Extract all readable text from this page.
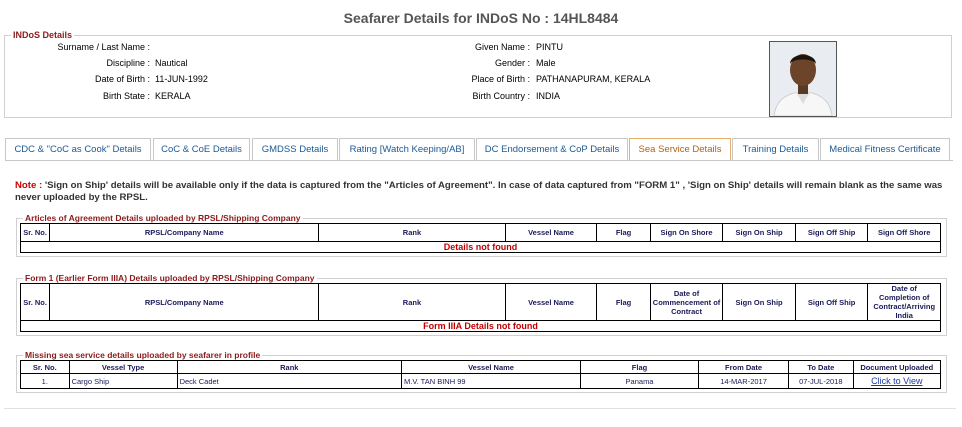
Seafarer Details for INDoS No : 14HL8484
INDoS Details
Surname / Last Name :	Given Name : PINTU
Discipline : Nautical	Gender : Male
Date of Birth : 11-JUN-1992	Place of Birth : PATHANAPURAM, KERALA
Birth State : KERALA	Birth Country : INDIA
CDC & "CoC as Cook" Details	CoC & CoE Details	GMDSS Details	Rating [Watch Keeping/AB]	DC Endorsement & CoP Details	Sea Service Details	Training Details	Medical Fitness Certificate
Note : 'Sign on Ship' details will be available only if the data is captured from the "Articles of Agreement". In case of data captured from "FORM 1" , 'Sign on Ship' details will remain blank as the same was never uploaded by the RPSL.
Articles of Agreement Details uploaded by RPSL/Shipping Company
Sr. No.	RPSL/Company Name	Rank	Vessel Name	Flag	Sign On Shore	Sign On Ship	Sign Off Ship	Sign Off Shore
Details not found
Form 1 (Earlier Form IIIA) Details uploaded by RPSL/Shipping Company
Sr. No.	RPSL/Company Name	Rank	Vessel Name	Flag	Date of Commencement of Contract	Sign On Ship	Sign Off Ship	Date of Completion of Contract/Arriving India
Form IIIA Details not found
Missing sea service details uploaded by seafarer in profile
Sr. No.	Vessel Type	Rank	Vessel Name	Flag	From Date	To Date	Document Uploaded
1.	Cargo Ship	Deck Cadet	M.V. TAN BINH 99	Panama	14-MAR-2017	07-JUL-2018	Click to View
